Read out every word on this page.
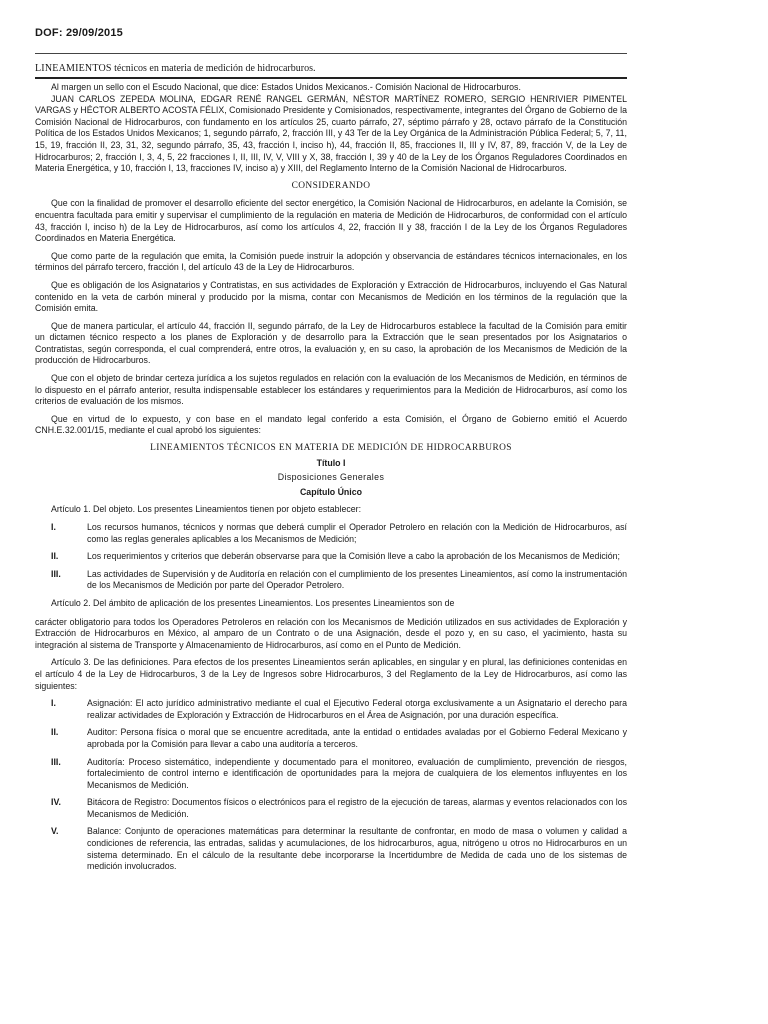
DOF: 29/09/2015
LINEAMIENTOS técnicos en materia de medición de hidrocarburos.

Al margen un sello con el Escudo Nacional, que dice: Estados Unidos Mexicanos.- Comisión Nacional de Hidrocarburos.

JUAN CARLOS ZEPEDA MOLINA, EDGAR RENÉ RANGEL GERMÁN, NÉSTOR MARTÍNEZ ROMERO, SERGIO HENRIVIER PIMENTEL VARGAS y HÉCTOR ALBERTO ACOSTA FÉLIX, Comisionado Presidente y Comisionados, respectivamente, integrantes del Órgano de Gobierno de la Comisión Nacional de Hidrocarburos, con fundamento en los artículos 25, cuarto párrafo, 27, séptimo párrafo y 28, octavo párrafo de la Constitución Política de los Estados Unidos Mexicanos; 1, segundo párrafo, 2, fracción III, y 43 Ter de la Ley Orgánica de la Administración Pública Federal; 5, 7, 11, 15, 19, fracción II, 23, 31, 32, segundo párrafo, 35, 43, fracción I, inciso h), 44, fracción II, 85, fracciones II, III y IV, 87, 89, fracción V, de la Ley de Hidrocarburos; 2, fracción I, 3, 4, 5, 22 fracciones I, II, III, IV, V, VIII y X, 38, fracción I, 39 y 40 de la Ley de los Órganos Reguladores Coordinados en Materia Energética, y 10, fracción I, 13, fracciones IV, inciso a) y XIII, del Reglamento Interno de la Comisión Nacional de Hidrocarburos.

CONSIDERANDO

Que con la finalidad de promover el desarrollo eficiente del sector energético, la Comisión Nacional de Hidrocarburos, en adelante la Comisión, se encuentra facultada para emitir y supervisar el cumplimiento de la regulación en materia de Medición de Hidrocarburos, de conformidad con el artículo 43, fracción I, inciso h) de la Ley de Hidrocarburos, así como los artículos 4, 22, fracción II y 38, fracción I de la Ley de los Órganos Reguladores Coordinados en Materia Energética.

Que como parte de la regulación que emita, la Comisión puede instruir la adopción y observancia de estándares técnicos internacionales, en los términos del párrafo tercero, fracción I, del artículo 43 de la Ley de Hidrocarburos.

Que es obligación de los Asignatarios y Contratistas, en sus actividades de Exploración y Extracción de Hidrocarburos, incluyendo el Gas Natural contenido en la veta de carbón mineral y producido por la misma, contar con Mecanismos de Medición en los términos de la regulación que la Comisión emita.

Que de manera particular, el artículo 44, fracción II, segundo párrafo, de la Ley de Hidrocarburos establece la facultad de la Comisión para emitir un dictamen técnico respecto a los planes de Exploración y de desarrollo para la Extracción que le sean presentados por los Asignatarios o Contratistas, según corresponda, el cual comprenderá, entre otros, la evaluación y, en su caso, la aprobación de los Mecanismos de Medición de la producción de Hidrocarburos.

Que con el objeto de brindar certeza jurídica a los sujetos regulados en relación con la evaluación de los Mecanismos de Medición, en términos de lo dispuesto en el párrafo anterior, resulta indispensable establecer los estándares y requerimientos para la Medición de Hidrocarburos, así como los criterios de evaluación de los mismos.

Que en virtud de lo expuesto, y con base en el mandato legal conferido a esta Comisión, el Órgano de Gobierno emitió el Acuerdo CNH.E.32.001/15, mediante el cual aprobó los siguientes:

LINEAMIENTOS TÉCNICOS EN MATERIA DE MEDICIÓN DE HIDROCARBUROS
Título I
Disposiciones Generales
Capítulo Único

Artículo 1. Del objeto. Los presentes Lineamientos tienen por objeto establecer:

I.	Los recursos humanos, técnicos y normas que deberá cumplir el Operador Petrolero en relación con la Medición de Hidrocarburos, así como las reglas generales aplicables a los Mecanismos de Medición;
II.	Los requerimientos y criterios que deberán observarse para que la Comisión lleve a cabo la aprobación de los Mecanismos de Medición;
III.	Las actividades de Supervisión y de Auditoría en relación con el cumplimiento de los presentes Lineamientos, así como la instrumentación de los Mecanismos de Medición por parte del Operador Petrolero.

Artículo 2. Del ámbito de aplicación de los presentes Lineamientos. Los presentes Lineamientos son de

carácter obligatorio para todos los Operadores Petroleros en relación con los Mecanismos de Medición utilizados en sus actividades de Exploración y Extracción de Hidrocarburos en México, al amparo de un Contrato o de una Asignación, desde el pozo y, en su caso, el yacimiento, hasta su integración al sistema de Transporte y Almacenamiento de Hidrocarburos, así como en el Punto de Medición.

Artículo 3. De las definiciones. Para efectos de los presentes Lineamientos serán aplicables, en singular y en plural, las definiciones contenidas en el artículo 4 de la Ley de Hidrocarburos, 3 de la Ley de Ingresos sobre Hidrocarburos, 3 del Reglamento de la Ley de Hidrocarburos, así como las siguientes:

I.	Asignación: El acto jurídico administrativo mediante el cual el Ejecutivo Federal otorga exclusivamente a un Asignatario el derecho para realizar actividades de Exploración y Extracción de Hidrocarburos en el Área de Asignación, por una duración específica.
II.	Auditor: Persona física o moral que se encuentre acreditada, ante la entidad o entidades avaladas por el Gobierno Federal Mexicano y aprobada por la Comisión para llevar a cabo una auditoría a terceros.
III.	Auditoría: Proceso sistemático, independiente y documentado para el monitoreo, evaluación de cumplimiento, prevención de riesgos, fortalecimiento de control interno e identificación de oportunidades para la mejora de cualquiera de los elementos influyentes en los Mecanismos de Medición.
IV.	Bitácora de Registro: Documentos físicos o electrónicos para el registro de la ejecución de tareas, alarmas y eventos relacionados con los Mecanismos de Medición.
V.	Balance: Conjunto de operaciones matemáticas para determinar la resultante de confrontar, en modo de masa o volumen y calidad a condiciones de referencia, las entradas, salidas y acumulaciones, de los hidrocarburos, agua, nitrógeno u otros no Hidrocarburos en un sistema determinado. En el cálculo de la resultante debe incorporarse la Incertidumbre de Medida de cada uno de los sistemas de medición involucrados.
